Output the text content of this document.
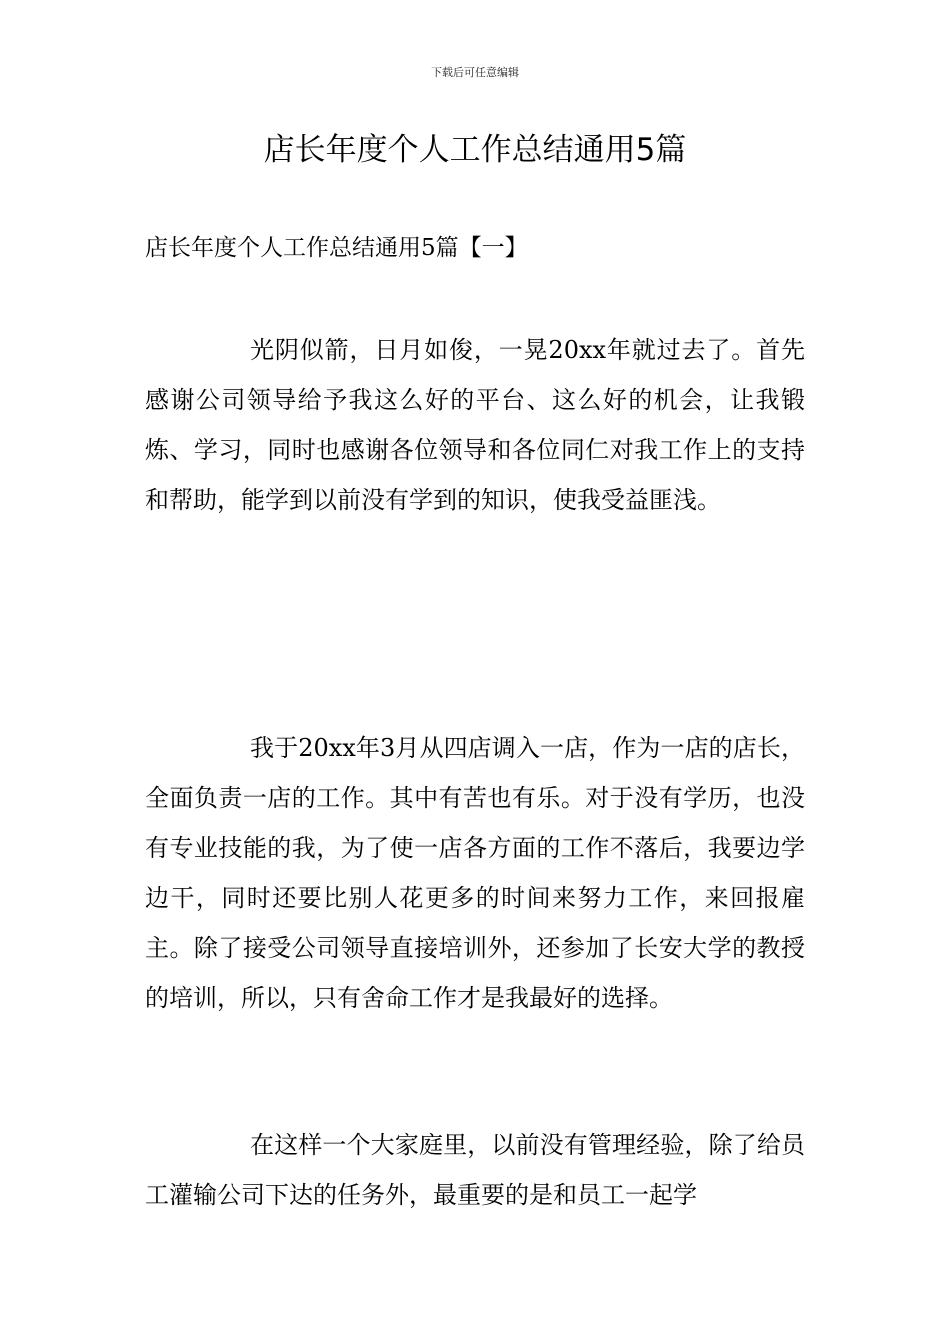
下载后可任意编辑
店长年度个人工作总结通用5篇
店长年度个人工作总结通用5篇【一】

光阴似箭，日月如俊，一晃20xx年就过去了。首先感谢公司领导给予我这么好的平台、这么好的机会，让我锻炼、学习，同时也感谢各位领导和各位同仁对我工作上的支持和帮助，能学到以前没有学到的知识，使我受益匪浅。

我于20xx年3月从四店调入一店，作为一店的店长，全面负责一店的工作。其中有苦也有乐。对于没有学历，也没有专业技能的我，为了使一店各方面的工作不落后，我要边学边干，同时还要比别人花更多的时间来努力工作，来回报雇主。除了接受公司领导直接培训外，还参加了长安大学的教授的培训，所以，只有舍命工作才是我最好的选择。

在这样一个大家庭里，以前没有管理经验，除了给员工灌输公司下达的任务外，最重要的是和员工一起学
